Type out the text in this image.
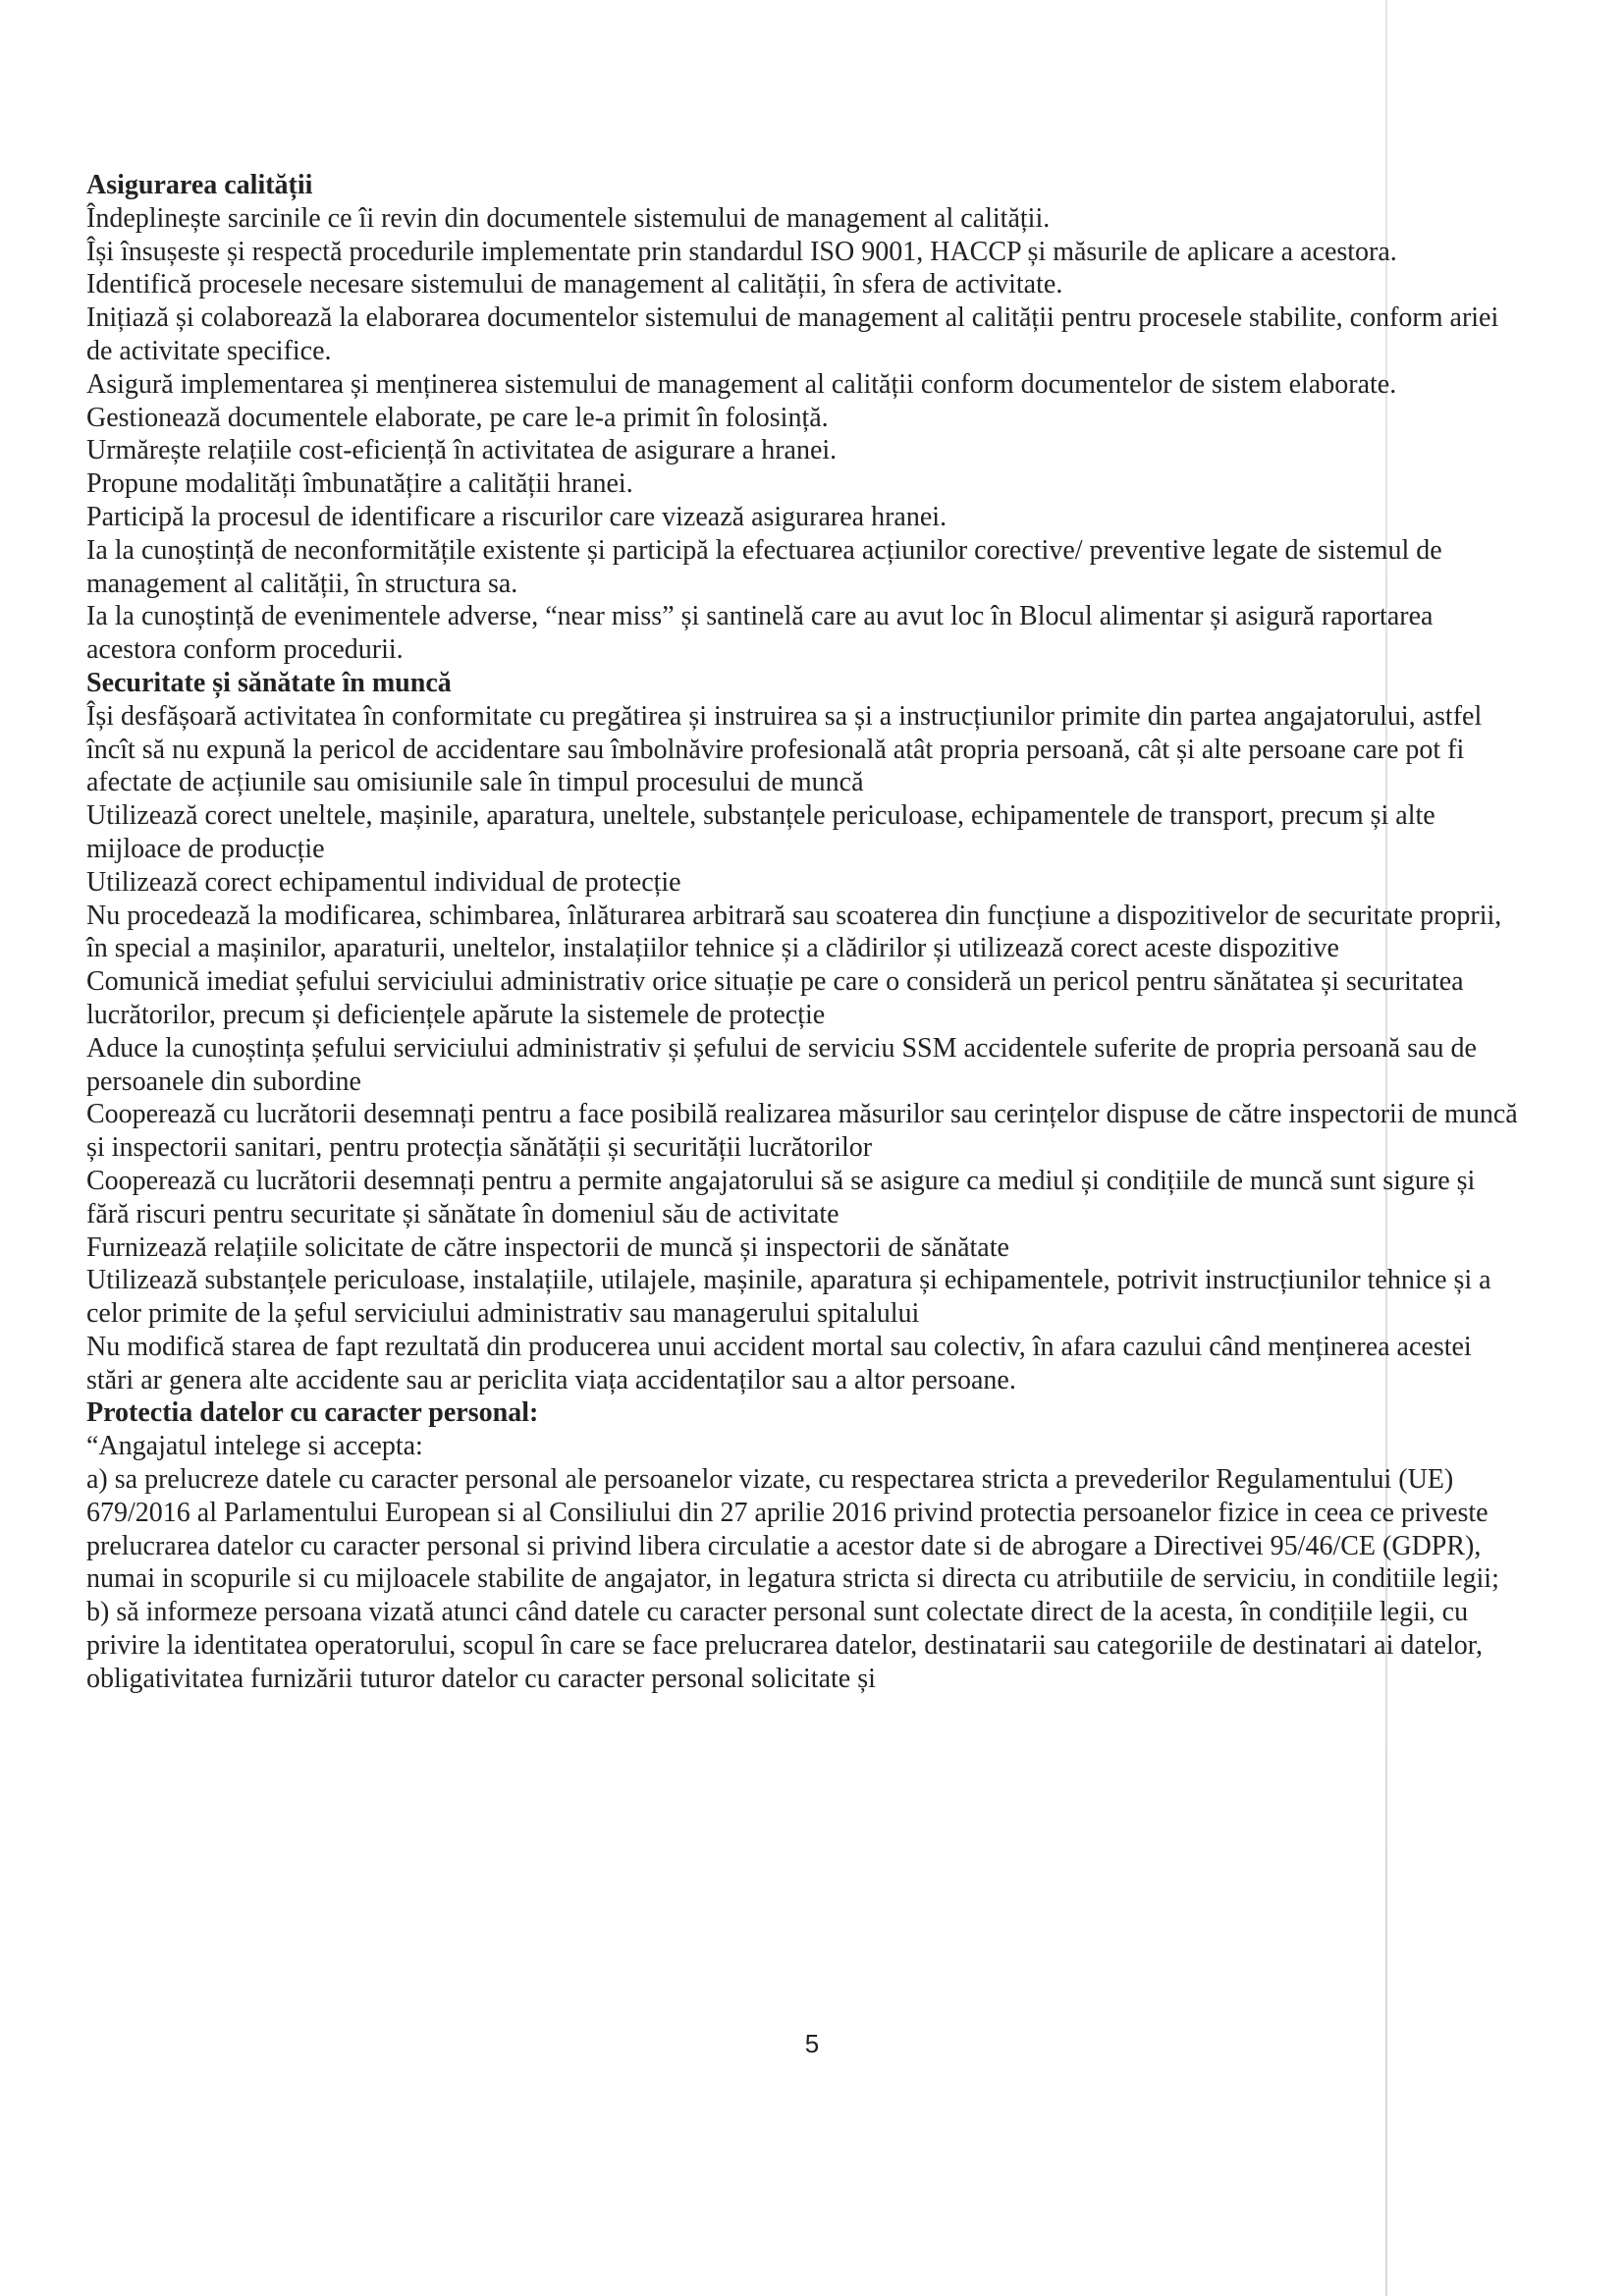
Asigurarea calității

Îndeplinește sarcinile ce îi revin din documentele sistemului de management al calității.

Își însușeste și respectă procedurile implementate prin standardul ISO 9001, HACCP și măsurile de aplicare a acestora.

Identifică procesele necesare sistemului de management al calității, în sfera de activitate.

Inițiază și colaborează la elaborarea documentelor sistemului de management al calității pentru procesele stabilite, conform ariei de activitate specifice.

Asigură implementarea și menținerea sistemului de management al calității conform documentelor de sistem elaborate.

Gestionează documentele elaborate, pe care le-a primit în folosință.

Urmărește relațiile cost-eficiență în activitatea de asigurare a hranei.

Propune modalități îmbunatățire a calității hranei.

Participă la procesul de identificare a riscurilor care vizează asigurarea hranei.

Ia la cunoștință de neconformitățile existente și participă la efectuarea acțiunilor corective/ preventive legate de sistemul de management al calității, în structura sa.

Ia la cunoștință de evenimentele adverse, “near miss” și santinelă care au avut loc în Blocul alimentar și asigură raportarea acestora conform procedurii.

Securitate și sănătate în muncă

Își desfășoară activitatea în conformitate cu pregătirea și instruirea sa și a instrucțiunilor primite din partea angajatorului, astfel încît să nu expună la pericol de accidentare sau îmbolnăvire profesională atât propria persoană, cât și alte persoane care pot fi afectate de acțiunile sau omisiunile sale în timpul procesului de muncă

Utilizează corect uneltele, mașinile, aparatura, uneltele, substanțele periculoase, echipamentele de transport, precum și alte mijloace de producție

Utilizează corect echipamentul individual de protecție

Nu procedează la modificarea, schimbarea, înlăturarea arbitrară sau scoaterea din funcțiune a dispozitivelor de securitate proprii, în special a mașinilor, aparaturii, uneltelor, instalațiilor tehnice și a clădirilor și utilizează corect aceste dispozitive

Comunică imediat șefului serviciului administrativ orice situație pe care o consideră un pericol pentru sănătatea și securitatea lucrătorilor, precum și deficiențele apărute la sistemele de protecție

Aduce la cunoștința șefului serviciului administrativ și șefului de serviciu SSM accidentele suferite de propria persoană sau de persoanele din subordine

Cooperează cu lucrătorii desemnați pentru a face posibilă realizarea măsurilor sau cerințelor dispuse de către inspectorii de muncă și inspectorii sanitari, pentru protecția sănătății și securității lucrătorilor

Cooperează cu lucrătorii desemnați pentru a permite angajatorului să se asigure ca mediul și condițiile de muncă sunt sigure și fără riscuri pentru securitate și sănătate în domeniul său de activitate

Furnizează relațiile solicitate de către inspectorii de muncă și inspectorii de sănătate

Utilizează substanțele periculoase, instalațiile, utilajele, mașinile, aparatura și echipamentele, potrivit instrucțiunilor tehnice și a celor primite de la șeful serviciului administrativ sau managerului spitalului

Nu modifică starea de fapt rezultată din producerea unui accident mortal sau colectiv, în afara cazului când menținerea acestei stări ar genera alte accidente sau ar periclita viața accidentaților sau a altor persoane.

Protectia datelor cu caracter personal:

“Angajatul intelege si accepta:

a) sa prelucreze datele cu caracter personal ale persoanelor vizate, cu respectarea stricta a prevederilor Regulamentului (UE) 679/2016 al Parlamentului European si al Consiliului din 27 aprilie 2016 privind protectia persoanelor fizice in ceea ce priveste prelucrarea datelor cu caracter personal si privind libera circulatie a acestor date si de abrogare a Directivei 95/46/CE (GDPR), numai in scopurile si cu mijloacele stabilite de angajator, in legatura stricta si directa cu atributiile de serviciu, in conditiile legii;

b) să informeze persoana vizată atunci când datele cu caracter personal sunt colectate direct de la acesta, în condițiile legii, cu privire la identitatea operatorului, scopul în care se face prelucrarea datelor, destinatarii sau categoriile de destinatari ai datelor, obligativitatea furnizării tuturor datelor cu caracter personal solicitate și

5
